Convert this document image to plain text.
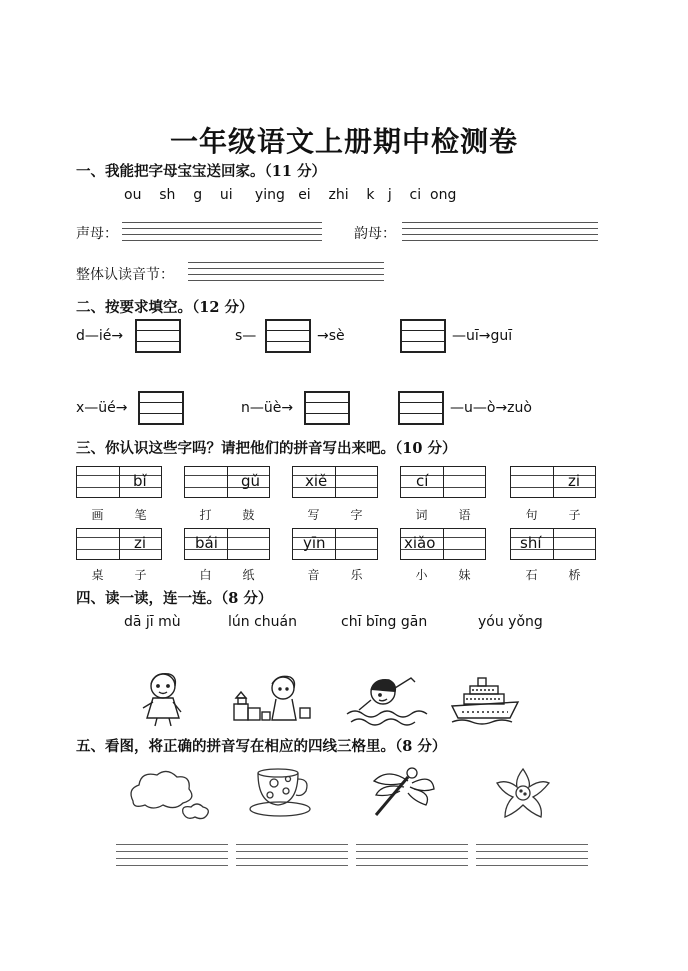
一年级语文上册期中检测卷
一、我能把字母宝宝送回家。（11 分）
ou    sh    g    ui     ying   ei    zhi    k   j    ci  ong
声母：	韵母：
整体认读音节：
二、按要求填空。（12 分）
d—ié→	s—	→sè	—uī→guī
x—üé→	n—üè→	—u—ò→zuò
三、你认识这些字吗？请把他们的拼音写出来吧。（10 分）
bǐ
画	笔
gǔ
打	鼓
xiě
写	字
cí
词	语
zi
句	子
zi
桌	子
bái
白	纸
yīn
音	乐
xiǎo
小	妹
shí
石	桥
四、读一读，连一连。（8 分）
dā jī mù	lún chuán	chī bīng gān	yóu yǒng
五、看图，将正确的拼音写在相应的四线三格里。（8 分）
